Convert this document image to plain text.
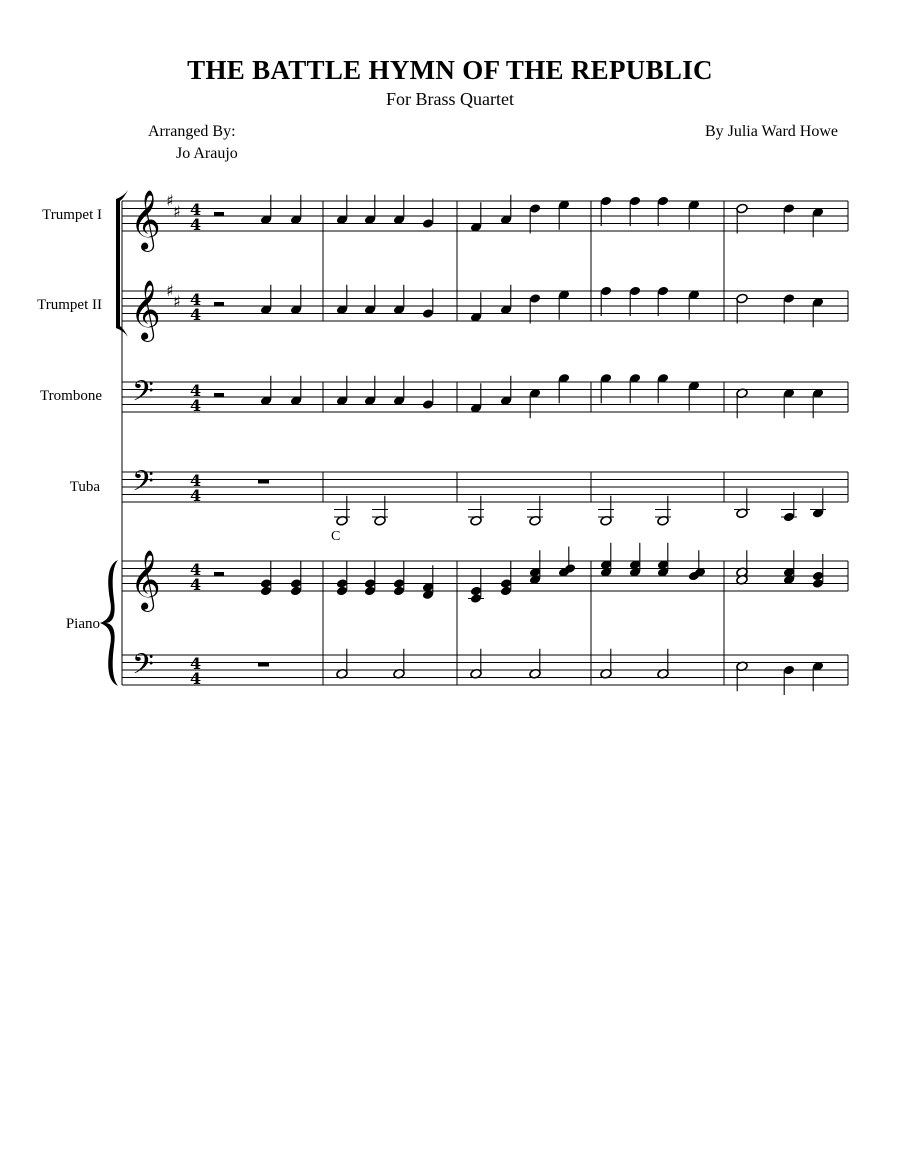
THE BATTLE HYMN OF THE REPUBLIC
For Brass Quartet
Arranged By:
Jo Araujo
By Julia Ward Howe
Trumpet I
Trumpet II
Trombone
Tuba
Piano
C
𝄞
𝄞
𝄢
𝄢
𝄞
𝄢
♯
♯
♯
♯
4
4
4
4
4
4
4
4
4
4
4
4
